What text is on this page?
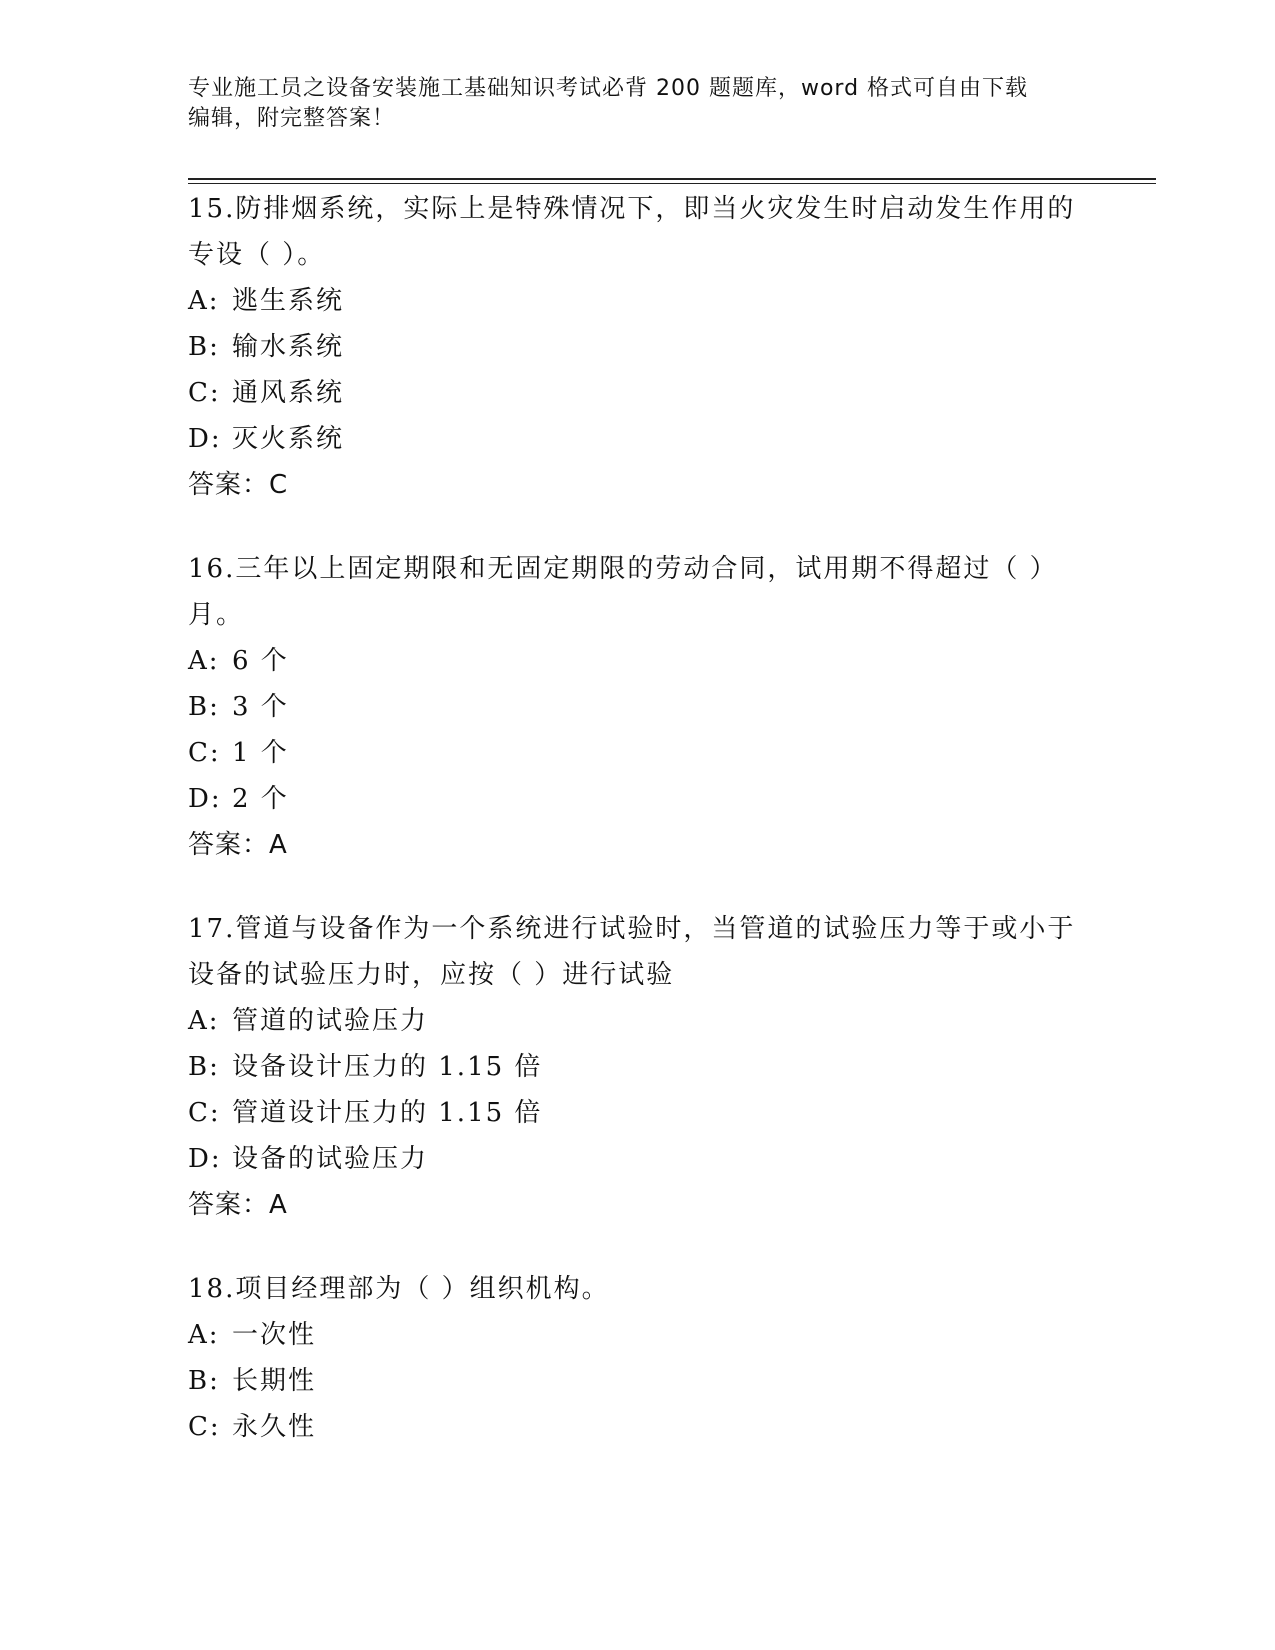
专业施工员之设备安装施工基础知识考试必背 200 题题库，word 格式可自由下载
编辑，附完整答案！
15.防排烟系统，实际上是特殊情况下，即当火灾发生时启动发生作用的专设（ ）。
A: 逃生系统
B: 输水系统
C: 通风系统
D: 灭火系统
答案：C
16.三年以上固定期限和无固定期限的劳动合同，试用期不得超过（ ）月。
A: 6 个
B: 3 个
C: 1 个
D: 2 个
答案：A
17.管道与设备作为一个系统进行试验时，当管道的试验压力等于或小于设备的试验压力时，应按（ ）进行试验
A: 管道的试验压力
B: 设备设计压力的 1.15 倍
C: 管道设计压力的 1.15 倍
D: 设备的试验压力
答案：A
18.项目经理部为（ ）组织机构。
A: 一次性
B: 长期性
C: 永久性
